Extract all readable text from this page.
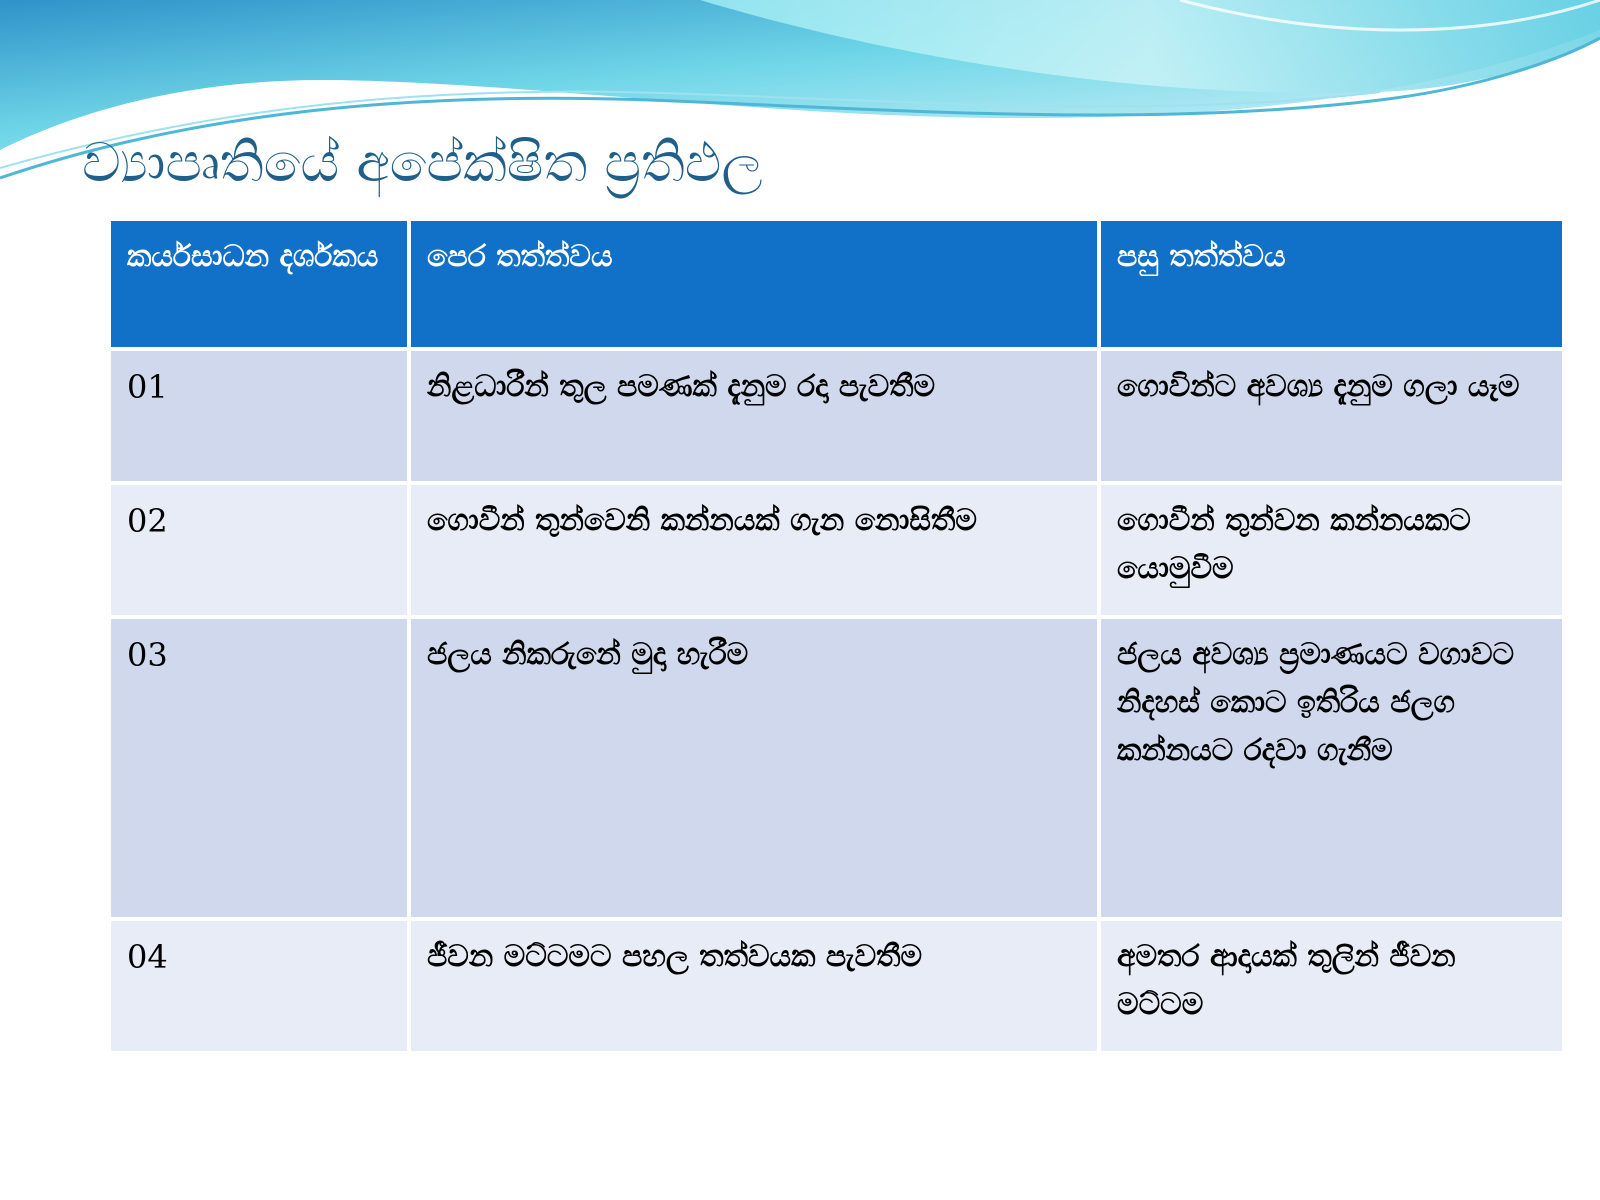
ව්‍යාපෘතියේ අපේක්ෂිත ප්‍රතිඵල
කර්යසාධන දර්ශකය	පෙර තත්ත්වය	පසු තත්ත්වය
01	නිළධාරීන් තුල පමණක් දැනුම රදා පැවතීම	ගොවින්ට අවශ්‍ය දැනුම ගලා යෑම
02	ගොවීන් තුන්වෙනි කන්නයක් ගැන නොසිතීම	ගොවීන් තුන්වන කන්නයකට යොමුවීම
03	ජලය නිකරුනේ මුදා හැරීම	ජලය අවශ්‍ය ප්‍රමාණයට වගාවට නිදහස් කොට ඉතිරිය ජලග කන්නයට රදවා ගැනීම
04	ජීවන මට්ටමට පහල තත්වයක පැවතීම	අමතර ආදායක් තුලින් ජීවන මට්ටම
